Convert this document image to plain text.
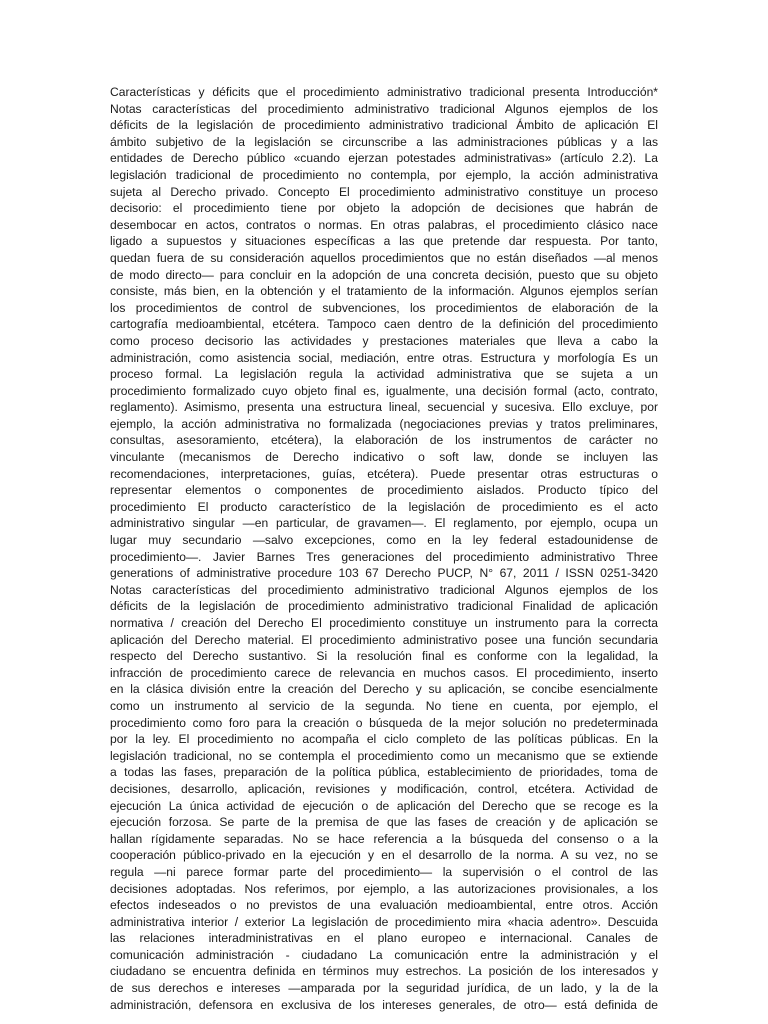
Características y déficits que el procedimiento administrativo tradicional presenta Introducción*
Notas características del procedimiento administrativo tradicional Algunos ejemplos de los
déficits de la legislación de procedimiento administrativo tradicional Ámbito de aplicación El
ámbito subjetivo de la legislación se circunscribe a las administraciones públicas y a las
entidades de Derecho público «cuando ejerzan potestades administrativas» (artículo 2.2). La
legislación tradicional de procedimiento no contempla, por ejemplo, la acción administrativa
sujeta al Derecho privado. Concepto El procedimiento administrativo constituye un proceso
decisorio: el procedimiento tiene por objeto la adopción de decisiones que habrán de
desembocar en actos, contratos o normas. En otras palabras, el procedimiento clásico nace
ligado a supuestos y situaciones específicas a las que pretende dar respuesta. Por tanto,
quedan fuera de su consideración aquellos procedimientos que no están diseñados —al menos
de modo directo— para concluir en la adopción de una concreta decisión, puesto que su objeto
consiste, más bien, en la obtención y el tratamiento de la información. Algunos ejemplos serían
los procedimientos de control de subvenciones, los procedimientos de elaboración de la
cartografía medioambiental, etcétera. Tampoco caen dentro de la definición del procedimiento
como proceso decisorio las actividades y prestaciones materiales que lleva a cabo la
administración, como asistencia social, mediación, entre otras. Estructura y morfología Es un
proceso formal. La legislación regula la actividad administrativa que se sujeta a un
procedimiento formalizado cuyo objeto final es, igualmente, una decisión formal (acto, contrato,
reglamento). Asimismo, presenta una estructura lineal, secuencial y sucesiva. Ello excluye, por
ejemplo, la acción administrativa no formalizada (negociaciones previas y tratos preliminares,
consultas, asesoramiento, etcétera), la elaboración de los instrumentos de carácter no
vinculante (mecanismos de Derecho indicativo o soft law, donde se incluyen las
recomendaciones, interpretaciones, guías, etcétera). Puede presentar otras estructuras o
representar elementos o componentes de procedimiento aislados. Producto típico del
procedimiento El producto característico de la legislación de procedimiento es el acto
administrativo singular —en particular, de gravamen—. El reglamento, por ejemplo, ocupa un
lugar muy secundario —salvo excepciones, como en la ley federal estadounidense de
procedimiento—. Javier Barnes Tres generaciones del procedimiento administrativo Three
generations of administrative procedure 103 67 Derecho PUCP, N° 67, 2011 / ISSN 0251-3420
Notas características del procedimiento administrativo tradicional Algunos ejemplos de los
déficits de la legislación de procedimiento administrativo tradicional Finalidad de aplicación
normativa / creación del Derecho El procedimiento constituye un instrumento para la correcta
aplicación del Derecho material. El procedimiento administrativo posee una función secundaria
respecto del Derecho sustantivo. Si la resolución final es conforme con la legalidad, la
infracción de procedimiento carece de relevancia en muchos casos. El procedimiento, inserto
en la clásica división entre la creación del Derecho y su aplicación, se concibe esencialmente
como un instrumento al servicio de la segunda. No tiene en cuenta, por ejemplo, el
procedimiento como foro para la creación o búsqueda de la mejor solución no predeterminada
por la ley. El procedimiento no acompaña el ciclo completo de las políticas públicas. En la
legislación tradicional, no se contempla el procedimiento como un mecanismo que se extiende
a todas las fases, preparación de la política pública, establecimiento de prioridades, toma de
decisiones, desarrollo, aplicación, revisiones y modificación, control, etcétera. Actividad de
ejecución La única actividad de ejecución o de aplicación del Derecho que se recoge es la
ejecución forzosa. Se parte de la premisa de que las fases de creación y de aplicación se
hallan rígidamente separadas. No se hace referencia a la búsqueda del consenso o a la
cooperación público-privado en la ejecución y en el desarrollo de la norma. A su vez, no se
regula —ni parece formar parte del procedimiento— la supervisión o el control de las
decisiones adoptadas. Nos referimos, por ejemplo, a las autorizaciones provisionales, a los
efectos indeseados o no previstos de una evaluación medioambiental, entre otros. Acción
administrativa interior / exterior La legislación de procedimiento mira «hacia adentro». Descuida
las relaciones interadministrativas en el plano europeo e internacional. Canales de
comunicación administración - ciudadano La comunicación entre la administración y el
ciudadano se encuentra definida en términos muy estrechos. La posición de los interesados y
de sus derechos e intereses —amparada por la seguridad jurídica, de un lado, y la de la
administración, defensora en exclusiva de los intereses generales, de otro— está definida de
